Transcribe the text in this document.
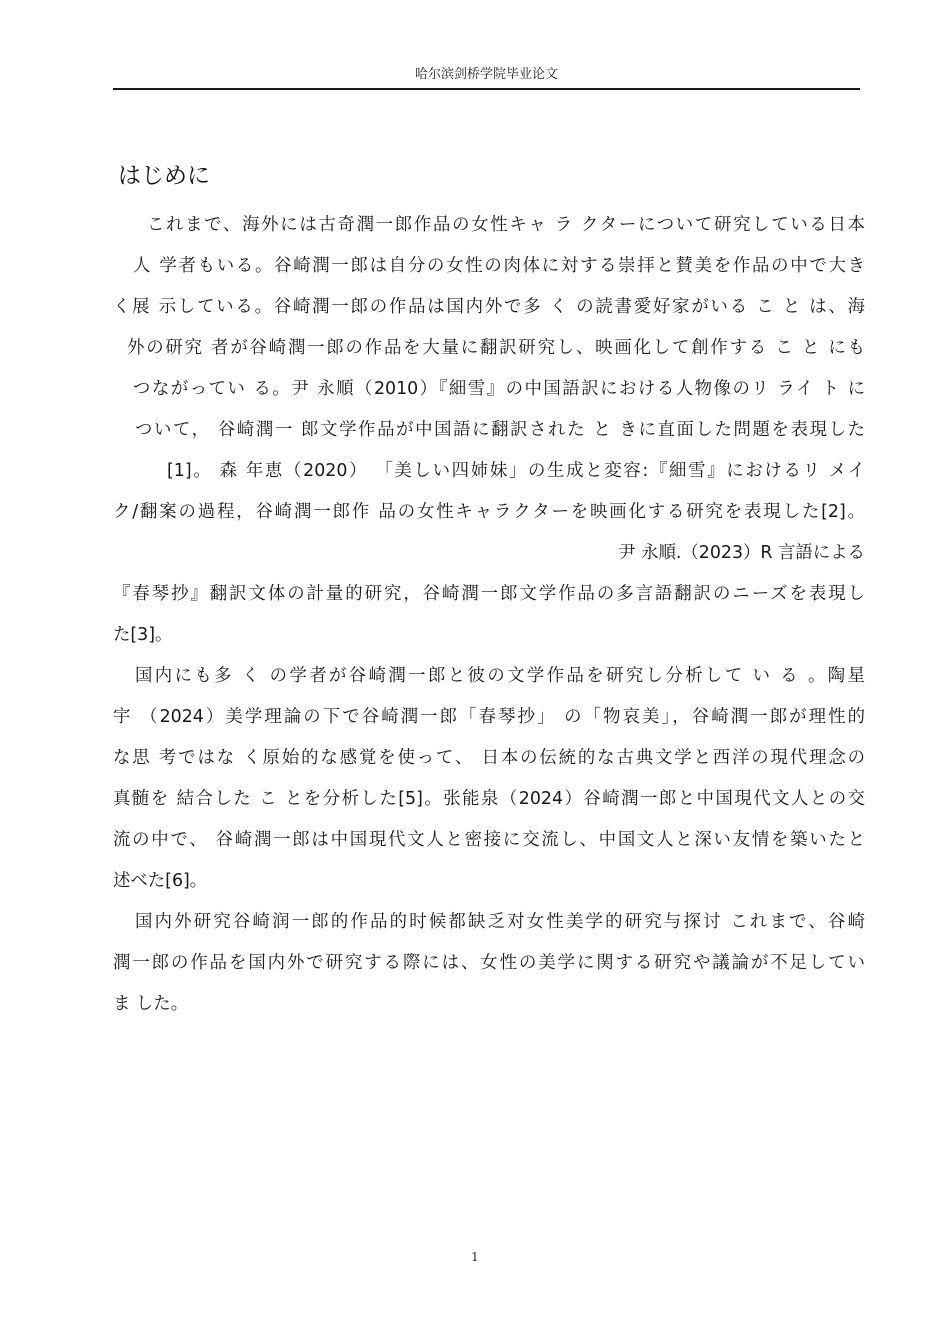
哈尔滨剑桥学院毕业论文
はじめに

これまで、海外には古奇潤一郎作品の女性キャ ラ クターについて研究している日本

人 学者もいる。谷崎潤一郎は自分の女性の肉体に対する崇拝と賛美を作品の中で大き

く展 示している。谷崎潤一郎の作品は国内外で多 く の読書愛好家がいる こ と は、海

外の研究 者が谷崎潤一郎の作品を大量に翻訳研究し、映画化して創作する こ と にも

つながってい る。尹 永順（2010）『細雪』の中国語訳における人物像のリ ライ ト に

ついて， 谷崎潤一 郎文学作品が中国語に翻訳された と きに直面した問題を表現した

[1]。 森 年恵（2020） 「美しい四姉妹」の生成と変容:『細雪』におけるリ メイ

ク/翻案の過程，谷崎潤一郎作 品の女性キャラクターを映画化する研究を表現した[2]。

尹 永順.（2023）R 言語による

『春琴抄』翻訳文体の計量的研究，谷崎潤一郎文学作品の多言語翻訳のニーズを表現し

た[3]。

国内にも多 く の学者が谷崎潤一郎と彼の文学作品を研究し分析して い る 。陶星

宇 （2024）美学理論の下で谷崎潤一郎「春琴抄」 の「物哀美」，谷崎潤一郎が理性的

な思 考ではな く原始的な感覚を使って、 日本の伝統的な古典文学と西洋の現代理念の

真髄を 結合した こ とを分析した[5]。张能泉（2024）谷崎潤一郎と中国現代文人との交

流の中で、 谷崎潤一郎は中国現代文人と密接に交流し、中国文人と深い友情を築いたと

述べた[6]。

国内外研究谷崎润一郎的作品的时候都缺乏对女性美学的研究与探讨 これまで、谷崎

潤一郎の作品を国内外で研究する際には、女性の美学に関する研究や議論が不足してい

ま した。

1
